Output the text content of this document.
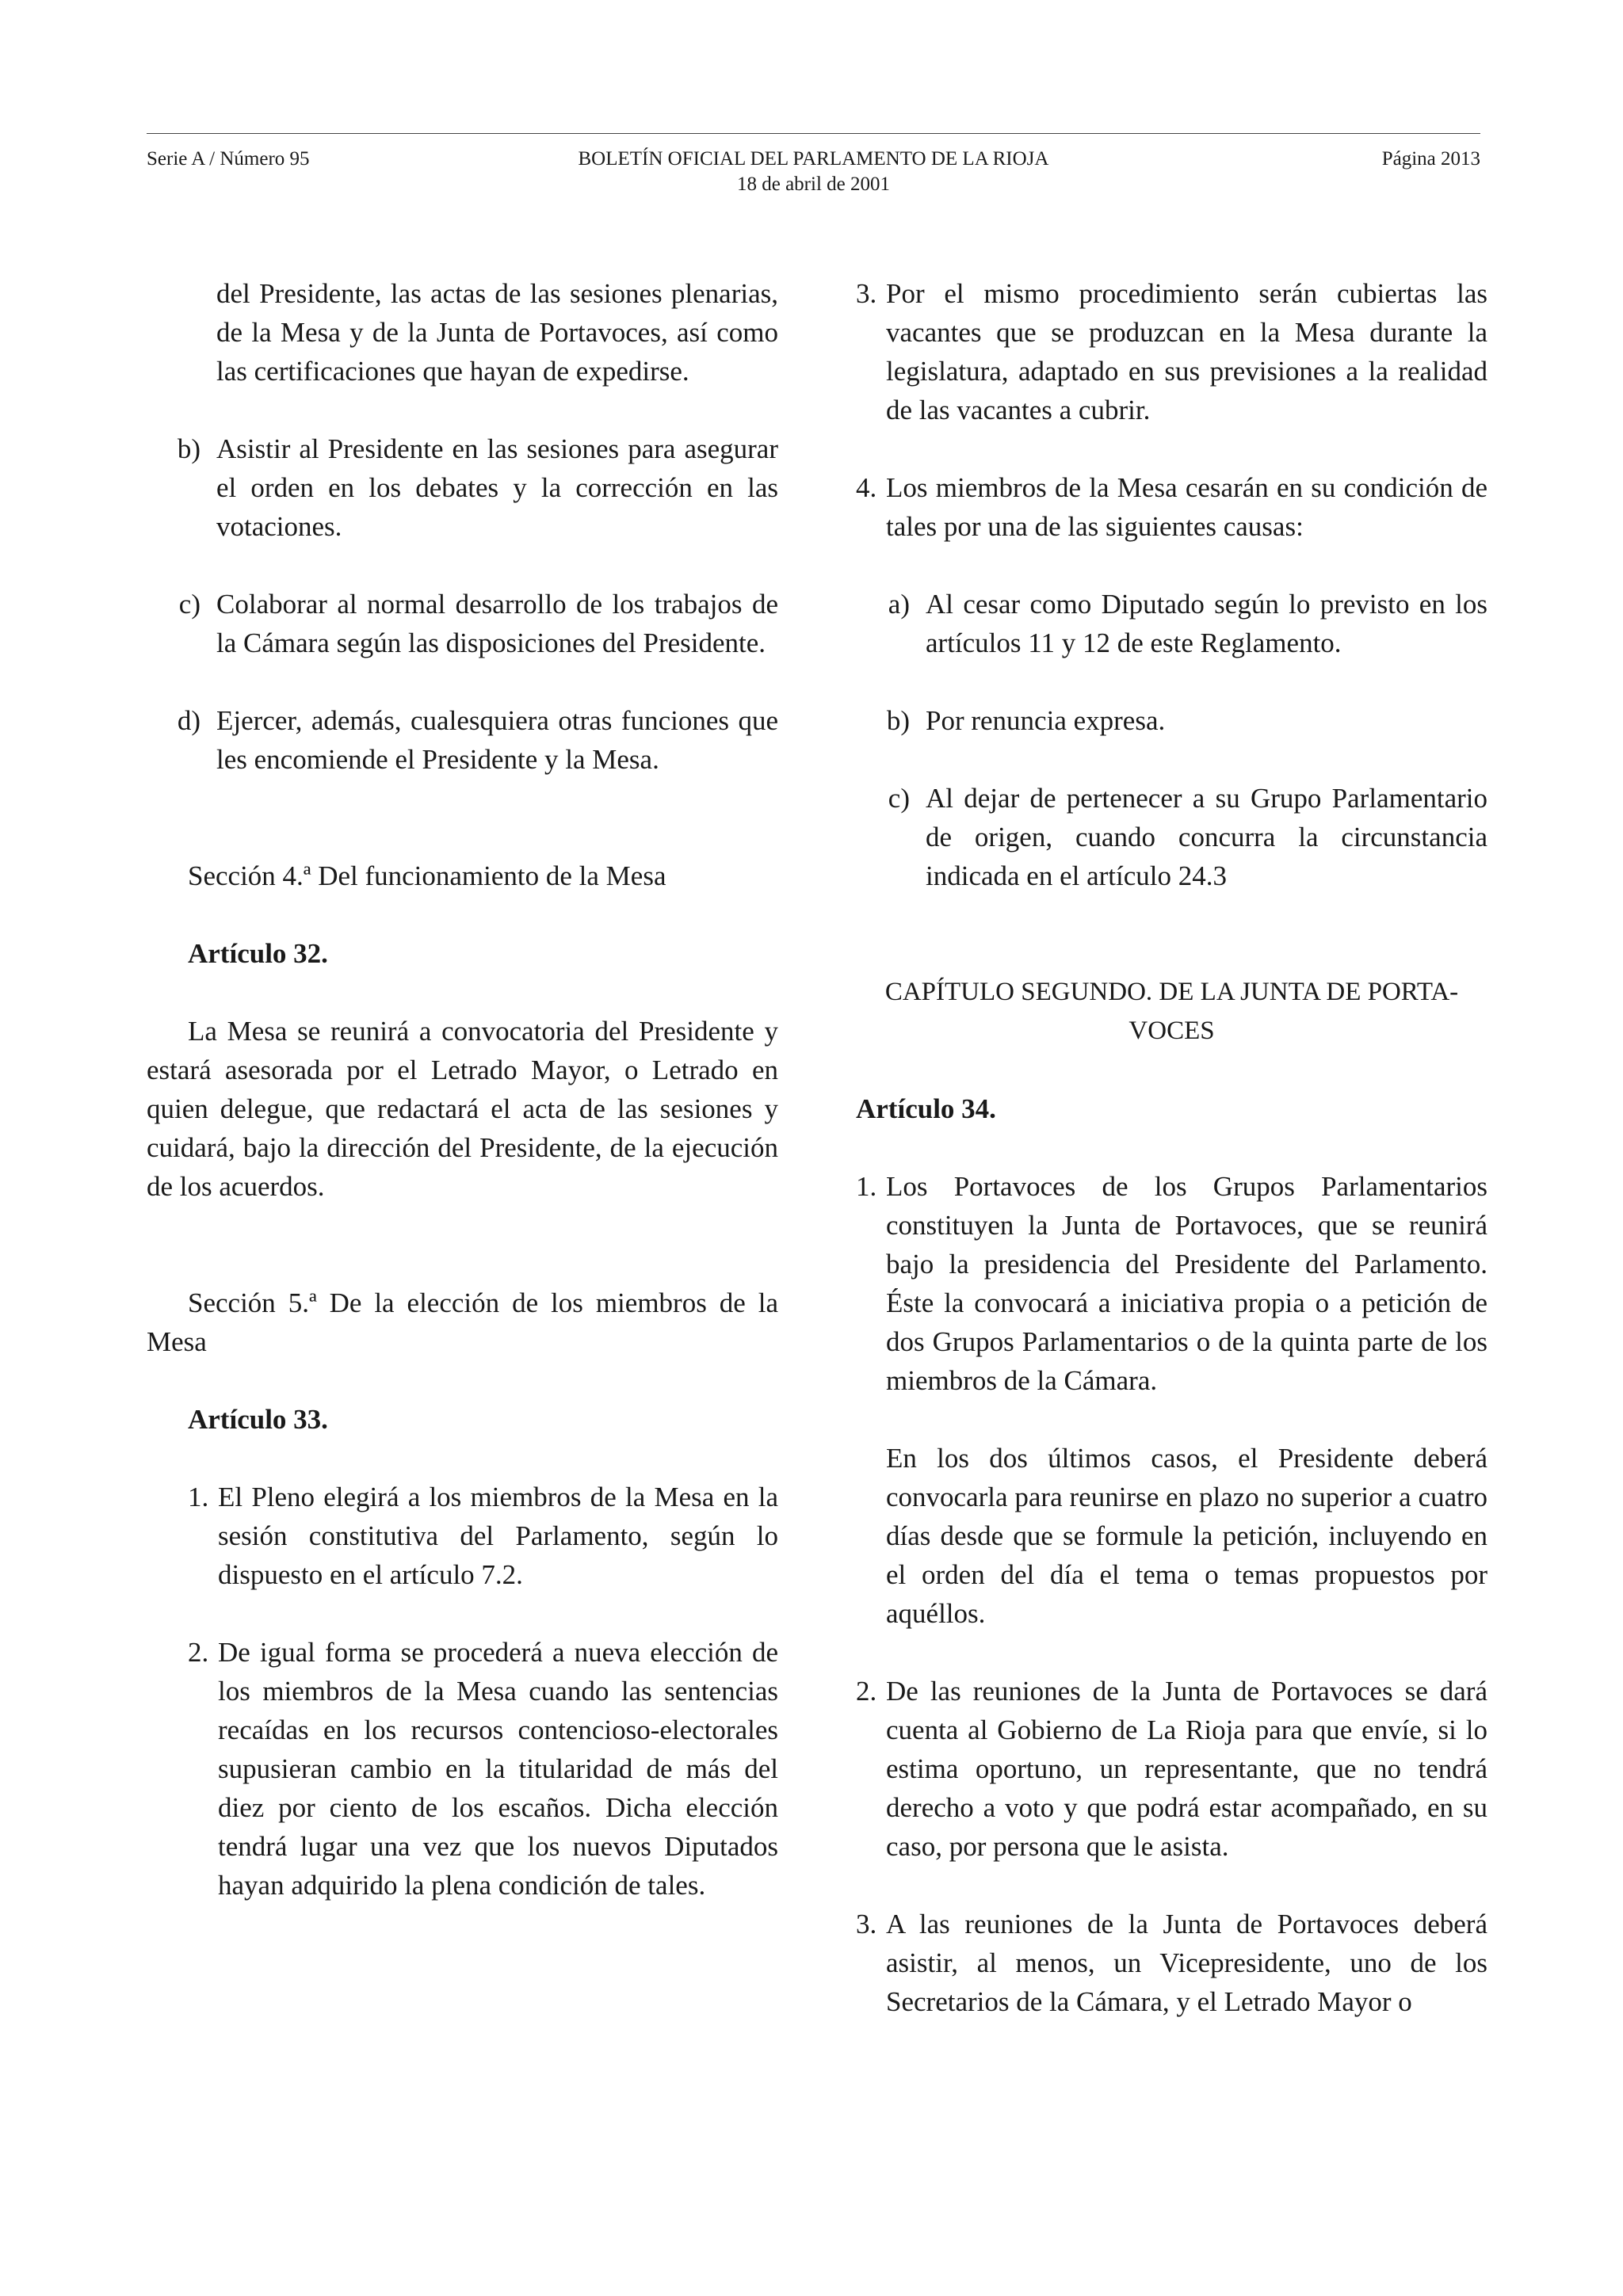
Serie A / Número 95	BOLETÍN OFICIAL DEL PARLAMENTO DE LA RIOJA	Página 2013
18 de abril de 2001
del Presidente, las actas de las sesiones plenarias, de la Mesa y de la Junta de Portavoces, así como las certificaciones que hayan de expedirse.
b) Asistir al Presidente en las sesiones para asegurar el orden en los debates y la corrección en las votaciones.
c) Colaborar al normal desarrollo de los trabajos de la Cámara según las disposiciones del Presidente.
d) Ejercer, además, cualesquiera otras funciones que les encomiende el Presidente y la Mesa.
Sección 4.ª Del funcionamiento de la Mesa
Artículo 32.
La Mesa se reunirá a convocatoria del Presidente y estará asesorada por el Letrado Mayor, o Letrado en quien delegue, que redactará el acta de las sesiones y cuidará, bajo la dirección del Presidente, de la ejecución de los acuerdos.
Sección 5.ª De la elección de los miembros de la Mesa
Artículo 33.
1. El Pleno elegirá a los miembros de la Mesa en la sesión constitutiva del Parlamento, según lo dispuesto en el artículo 7.2.
2. De igual forma se procederá a nueva elección de los miembros de la Mesa cuando las sentencias recaídas en los recursos contencioso-electorales supusieran cambio en la titularidad de más del diez por ciento de los escaños. Dicha elección tendrá lugar una vez que los nuevos Diputados hayan adquirido la plena condición de tales.
3. Por el mismo procedimiento serán cubiertas las vacantes que se produzcan en la Mesa durante la legislatura, adaptado en sus previsiones a la realidad de las vacantes a cubrir.
4. Los miembros de la Mesa cesarán en su condición de tales por una de las siguientes causas:
a) Al cesar como Diputado según lo previsto en los artículos 11 y 12 de este Reglamento.
b) Por renuncia expresa.
c) Al dejar de pertenecer a su Grupo Parlamentario de origen, cuando concurra la circunstancia indicada en el artículo 24.3
CAPÍTULO SEGUNDO. DE LA JUNTA DE PORTA-
VOCES
Artículo 34.
1. Los Portavoces de los Grupos Parlamentarios constituyen la Junta de Portavoces, que se reunirá bajo la presidencia del Presidente del Parlamento. Éste la convocará a iniciativa propia o a petición de dos Grupos Parlamentarios o de la quinta parte de los miembros de la Cámara.
En los dos últimos casos, el Presidente deberá convocarla para reunirse en plazo no superior a cuatro días desde que se formule la petición, incluyendo en el orden del día el tema o temas propuestos por aquéllos.
2. De las reuniones de la Junta de Portavoces se dará cuenta al Gobierno de La Rioja para que envíe, si lo estima oportuno, un representante, que no tendrá derecho a voto y que podrá estar acompañado, en su caso, por persona que le asista.
3. A las reuniones de la Junta de Portavoces deberá asistir, al menos, un Vicepresidente, uno de los Secretarios de la Cámara, y el Letrado Mayor o
